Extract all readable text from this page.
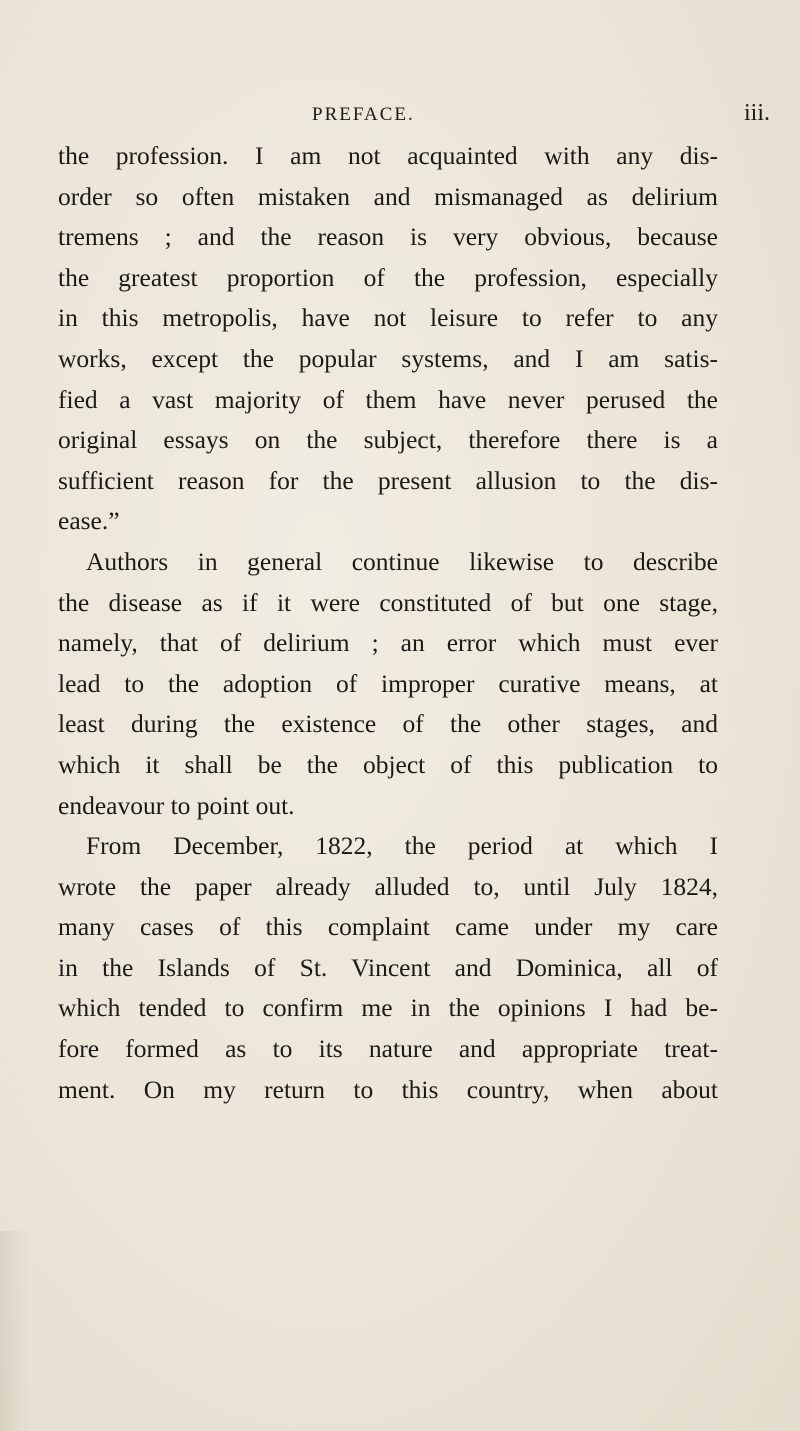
PREFACE.	iii.
the profession. I am not acquainted with any dis-
order so often mistaken and mismanaged as delirium
tremens ; and the reason is very obvious, because
the greatest proportion of the profession, especially
in this metropolis, have not leisure to refer to any
works, except the popular systems, and I am satis-
fied a vast majority of them have never perused the
original essays on the subject, therefore there is a
sufficient reason for the present allusion to the dis-
ease.”
Authors in general continue likewise to describe
the disease as if it were constituted of but one stage,
namely, that of delirium ; an error which must ever
lead to the adoption of improper curative means, at
least during the existence of the other stages, and
which it shall be the object of this publication to
endeavour to point out.
From December, 1822, the period at which I
wrote the paper already alluded to, until July 1824,
many cases of this complaint came under my care
in the Islands of St. Vincent and Dominica, all of
which tended to confirm me in the opinions I had be-
fore formed as to its nature and appropriate treat-
ment. On my return to this country, when about
